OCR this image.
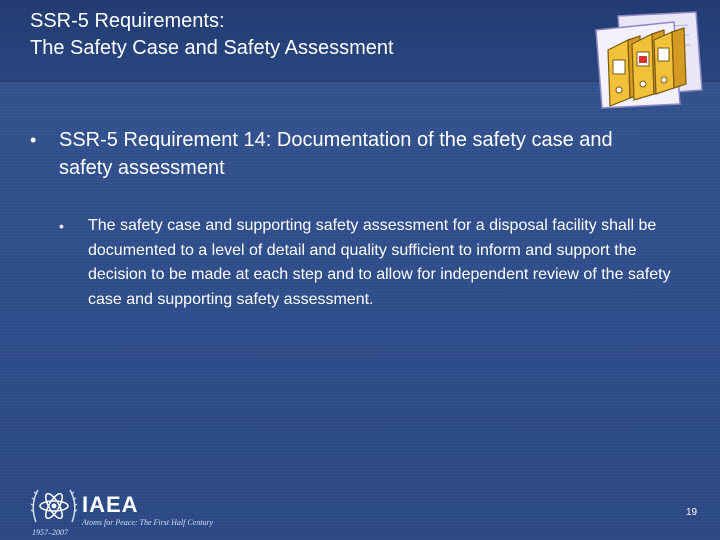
SSR-5 Requirements:
The Safety Case and Safety Assessment
• SSR-5 Requirement 14: Documentation of the safety case and safety assessment
• The safety case and supporting safety assessment for a disposal facility shall be documented to a level of detail and quality sufficient to inform and support the decision to be made at each step and to allow for independent review of the safety case and supporting safety assessment.
IAEA
Atoms for Peace: The First Half Century
1957–2007
19
